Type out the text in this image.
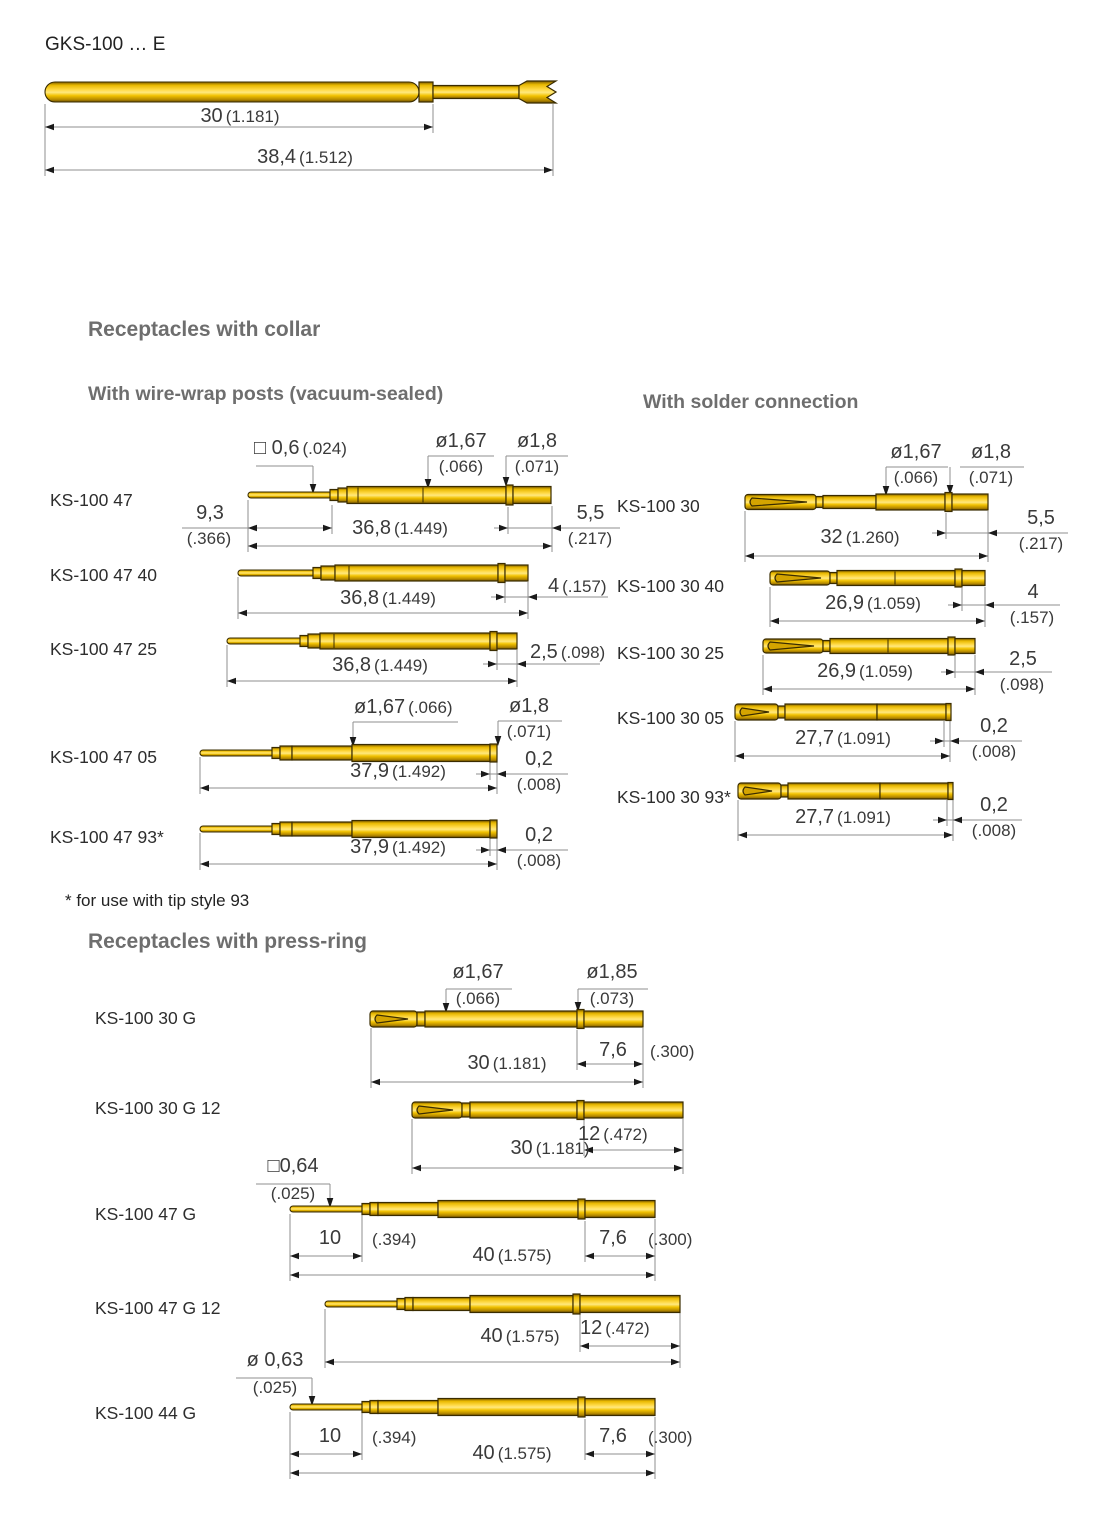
GKS-100 … E
Receptacles with collar
With wire-wrap posts (vacuum-sealed)	With solder connection
Receptacles with press-ring
* for use with tip style 93
30 (1.181)
38,4 (1.512)
KS-100 47
□ 0,6 (.024)	ø1,67
(.066)
ø1,8
(.071)
9,3
(.366)	36,8 (1.449)
5,5
(.217)
KS-100 47 40
36,8 (1.449)
4 (.157)
KS-100 47 25
36,8 (1.449)
2,5 (.098)
KS-100 47 05
ø1,67 (.066)	ø1,8
(.071)
37,9 (1.492)
0,2
(.008)
KS-100 47 93*	37,9 (1.492)
0,2
(.008)
KS-100 30
ø1,67
(.066)
ø1,8
(.071)
32 (1.260)
5,5
(.217)
KS-100 30 40
26,9 (1.059)
4
(.157)
KS-100 30 25
26,9 (1.059)
2,5
(.098)
KS-100 30 05
27,7 (1.091)
0,2
(.008)
KS-100 30 93*
27,7 (1.091)
0,2
(.008)
KS-100 30 G
ø1,67
(.066)
ø1,85
(.073)
30 (1.181)
7,6	(.300)
KS-100 30 G 12
12 (.472)
30 (1.181)
KS-100 47 G
□0,64
(.025)
10	(.394)
40 (1.575)
7,6	(.300)
KS-100 47 G 12
12 (.472)
40 (1.575)
KS-100 44 G
ø 0,63
(.025)
10	(.394)
40 (1.575)
7,6	(.300)
